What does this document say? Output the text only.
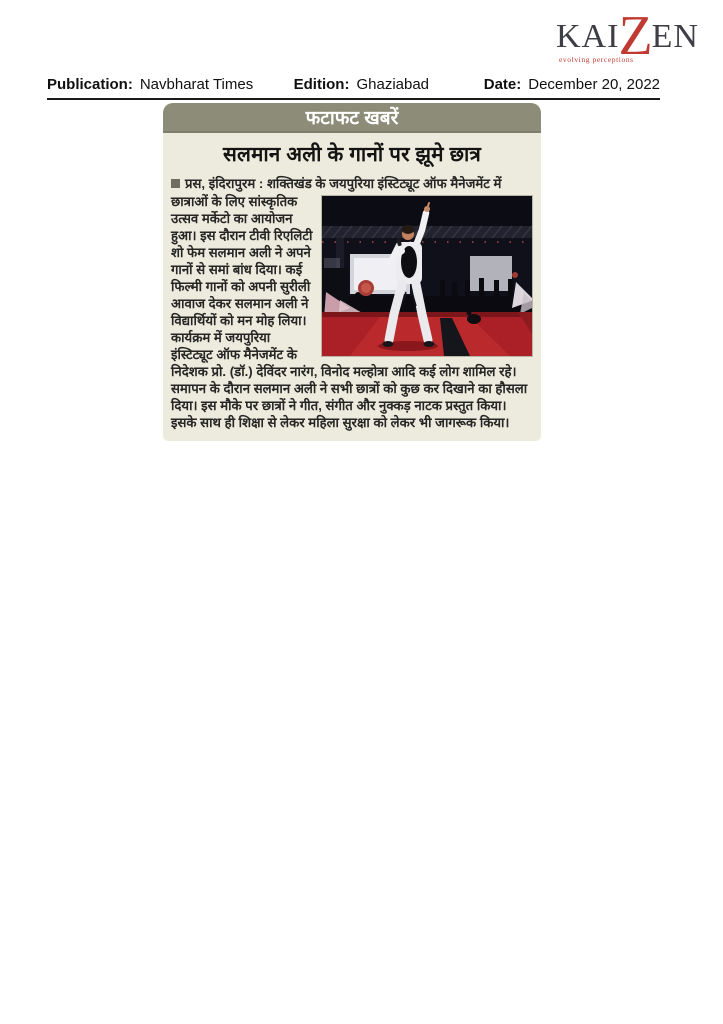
KAI Z EN
evolving perceptions
Publication: Navbharat Times	Edition: Ghaziabad	Date: December 20, 2022
फटाफट खबरें
सलमान अली के गानों पर झूमे छात्र

प्रस, इंदिरापुरम : शक्तिखंड के जयपुरिया इंस्टिट्यूट ऑफ मैनेजमेंट में

छात्राओं के लिए सांस्कृतिक उत्सव मर्केटो का आयोजन हुआ। इस दौरान टीवी रिएलिटी शो फेम सलमान अली ने अपने गानों से समां बांध दिया। कई फिल्मी गानों को अपनी सुरीली आवाज देकर सलमान अली ने विद्यार्थियों को मन मोह लिया। कार्यक्रम में जयपुरिया इंस्टिट्यूट ऑफ मैनेजमेंट के निदेशक प्रो. (डॉ.) देविंदर नारंग, विनोद मल्होत्रा आदि कई लोग शामिल रहे। समापन के दौरान सलमान अली ने सभी छात्रों को कुछ कर दिखाने का हौसला दिया। इस मौके पर छात्रों ने गीत, संगीत और नुक्कड़ नाटक प्रस्तुत किया। इसके साथ ही शिक्षा से लेकर महिला सुरक्षा को लेकर भी जागरूक किया।
